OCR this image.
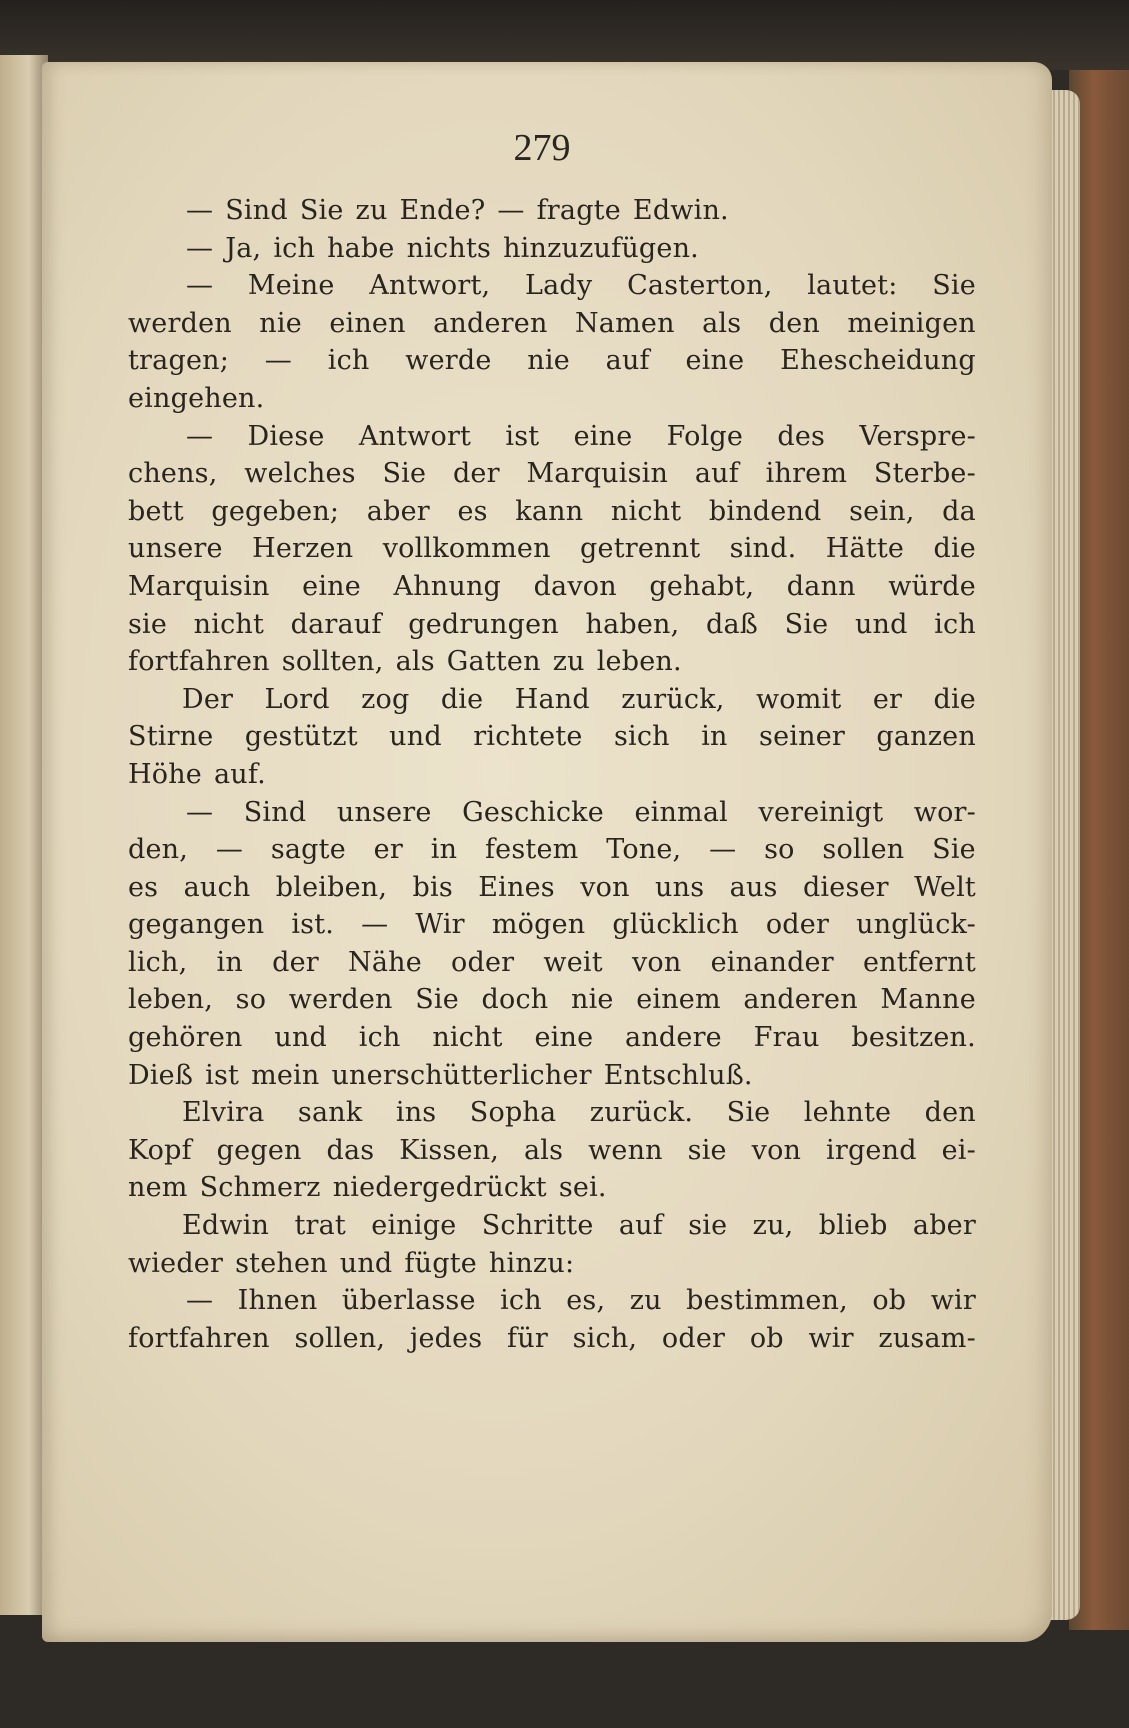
279
— Sind Sie zu Ende? — fragte Edwin.
— Ja, ich habe nichts hinzuzufügen.
— Meine Antwort, Lady Casterton, lautet: Sie
werden nie einen anderen Namen als den meinigen
tragen; — ich werde nie auf eine Ehescheidung
eingehen.
— Diese Antwort ist eine Folge des Verspre-
chens, welches Sie der Marquisin auf ihrem Sterbe-
bett gegeben; aber es kann nicht bindend sein, da
unsere Herzen vollkommen getrennt sind. Hätte die
Marquisin eine Ahnung davon gehabt, dann würde
sie nicht darauf gedrungen haben, daß Sie und ich
fortfahren sollten, als Gatten zu leben.
Der Lord zog die Hand zurück, womit er die
Stirne gestützt und richtete sich in seiner ganzen
Höhe auf.
— Sind unsere Geschicke einmal vereinigt wor-
den, — sagte er in festem Tone, — so sollen Sie
es auch bleiben, bis Eines von uns aus dieser Welt
gegangen ist. — Wir mögen glücklich oder unglück-
lich, in der Nähe oder weit von einander entfernt
leben, so werden Sie doch nie einem anderen Manne
gehören und ich nicht eine andere Frau besitzen.
Dieß ist mein unerschütterlicher Entschluß.
Elvira sank ins Sopha zurück. Sie lehnte den
Kopf gegen das Kissen, als wenn sie von irgend ei-
nem Schmerz niedergedrückt sei.
Edwin trat einige Schritte auf sie zu, blieb aber
wieder stehen und fügte hinzu:
— Ihnen überlasse ich es, zu bestimmen, ob wir
fortfahren sollen, jedes für sich, oder ob wir zusam-
